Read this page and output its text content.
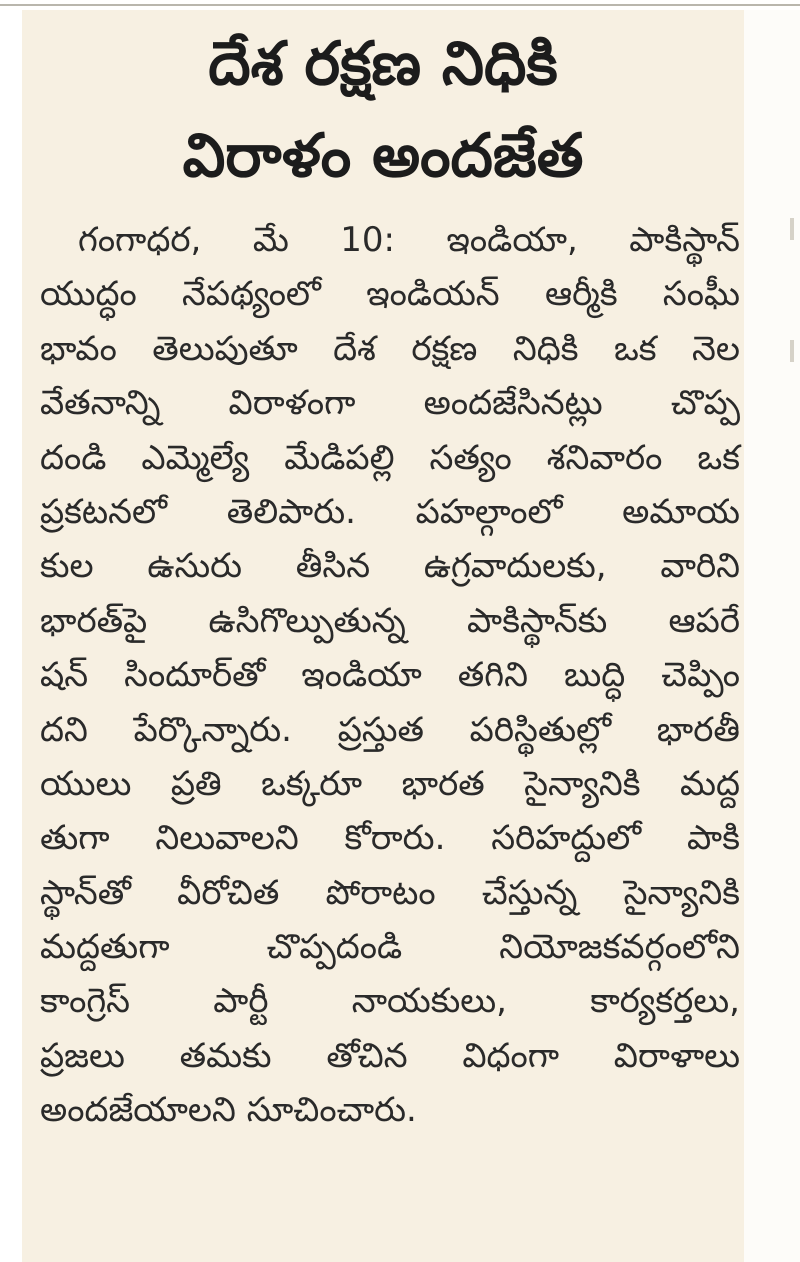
దేశ రక్షణ నిధికి
విరాళం అందజేత
గంగాధర, మే 10: ఇండియా, పాకిస్థాన్
యుద్ధం నేపథ్యంలో ఇండియన్ ఆర్మీకి సంఘీ
భావం తెలుపుతూ దేశ రక్షణ నిధికి ఒక నెల
వేతనాన్ని విరాళంగా అందజేసినట్లు చొప్ప
దండి ఎమ్మెల్యే మేడిపల్లి సత్యం శనివారం ఒక
ప్రకటనలో తెలిపారు. పహల్గాంలో అమాయ
కుల ఉసురు తీసిన ఉగ్రవాదులకు, వారిని
భారత్‌పై ఉసిగొల్పుతున్న పాకిస్థాన్‌కు ఆపరే
షన్ సిందూర్‌తో ఇండియా తగిని బుద్ధి చెప్పిం
దని పేర్కొన్నారు. ప్రస్తుత పరిస్థితుల్లో భారతీ
యులు ప్రతి ఒక్కరూ భారత సైన్యానికి మద్ద
తుగా నిలువాలని కోరారు. సరిహద్దులో పాకి
స్థాన్‌తో వీరోచిత పోరాటం చేస్తున్న సైన్యానికి
మద్దతుగా చొప్పదండి నియోజకవర్గంలోని
కాంగ్రెస్ పార్టీ నాయకులు, కార్యకర్తలు,
ప్రజలు తమకు తోచిన విధంగా విరాళాలు
అందజేయాలని సూచించారు.
